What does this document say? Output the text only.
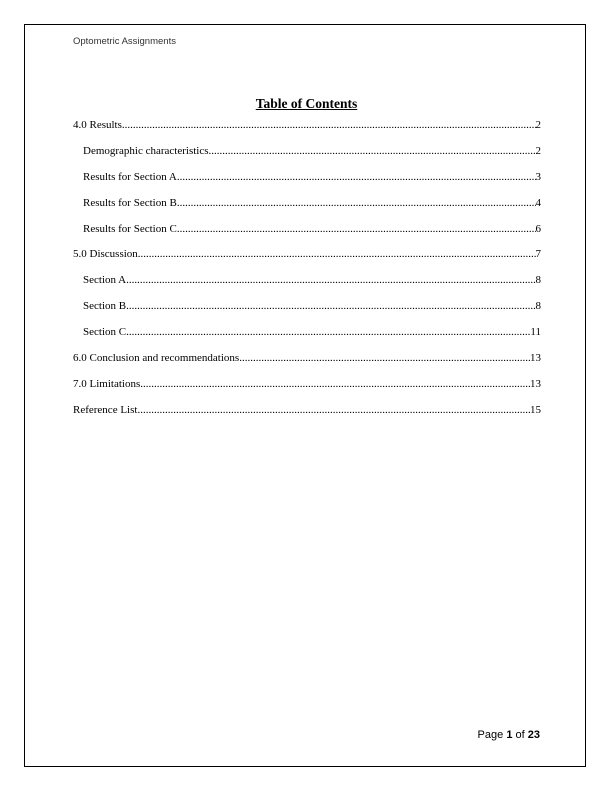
Optometric Assignments
Table of Contents
4.0 Results .....	2
Demographic characteristics .....	2
Results for Section A .....	3
Results for Section B .....	4
Results for Section C .....	6
5.0 Discussion .....	7
Section A .....	8
Section B .....	8
Section C .....	11
6.0 Conclusion and recommendations .....	13
7.0 Limitations .....	13
Reference List .....	15
Page 1 of 23
